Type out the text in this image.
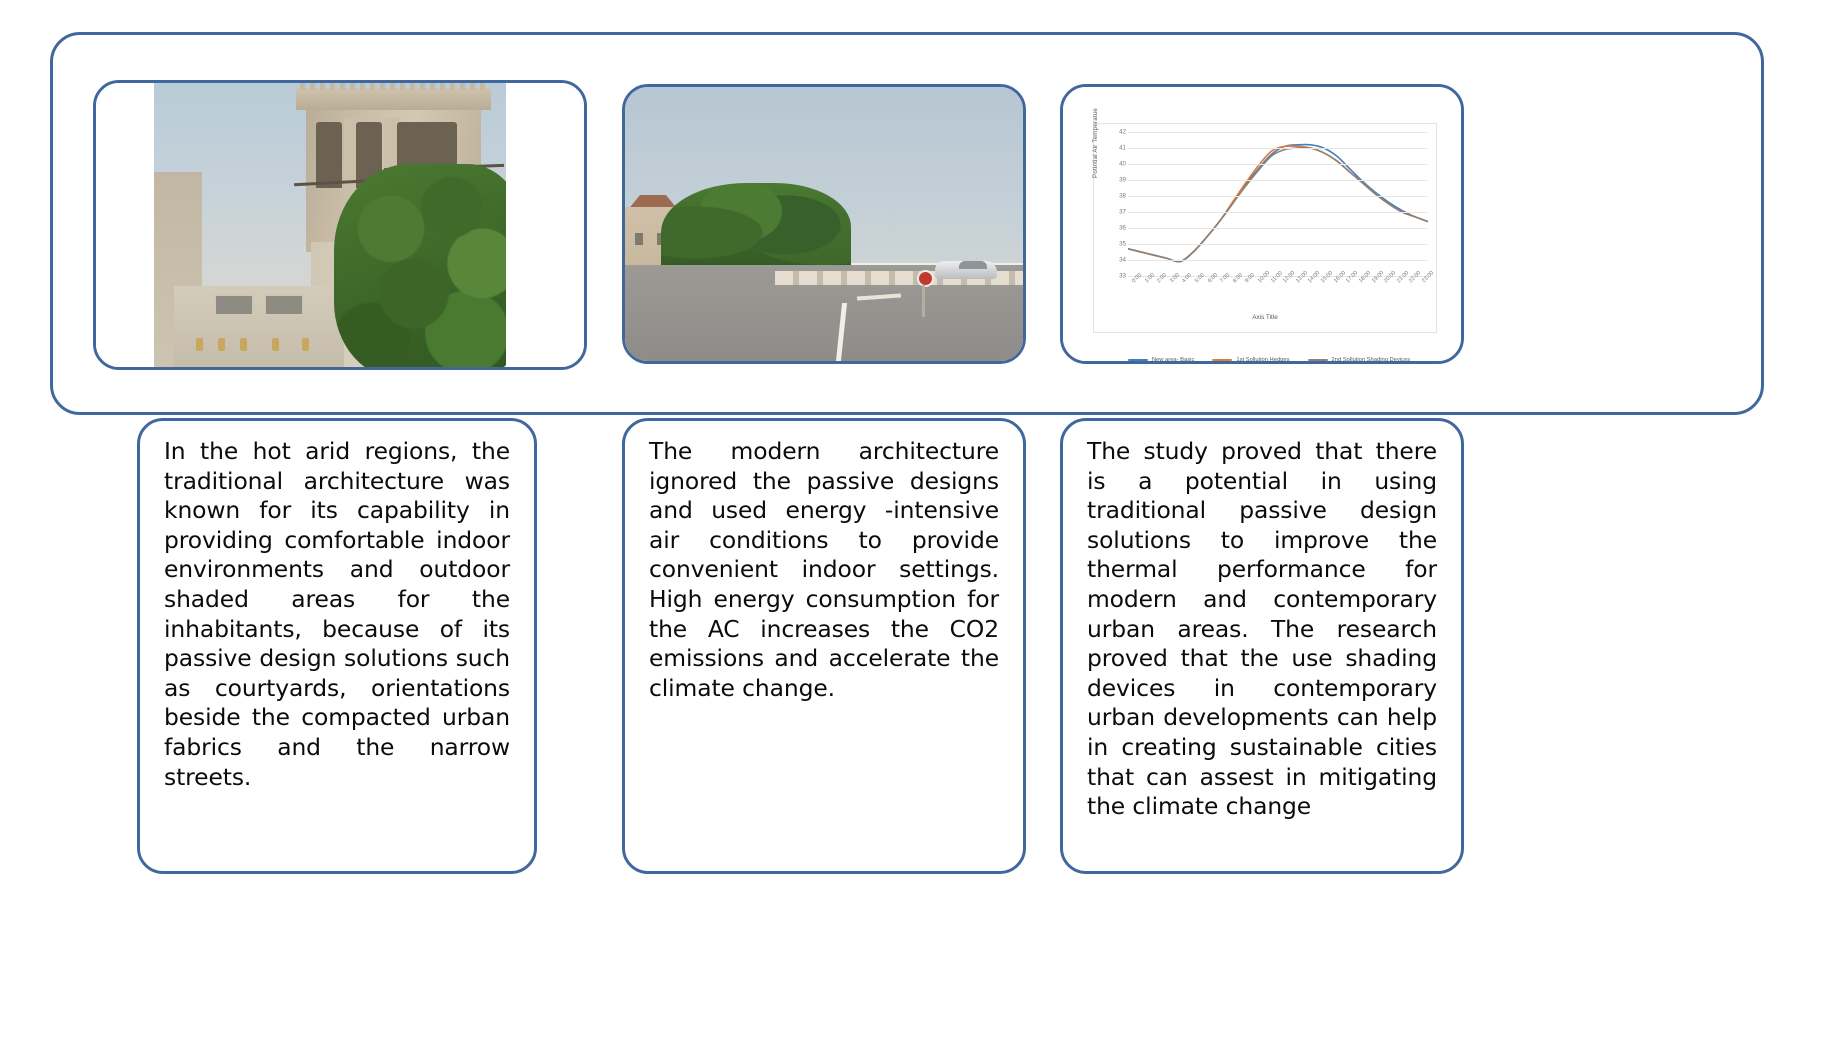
Potintial Air Temperatue	42
41
40
39
38
37
36
35
34
33 0:00 1:00 2:00 3:00 4:00 5:00 6:00 7:00 8:00 9:00 10:00
11:00
12:00
13:00
14:00
15:00
16:00
17:00
18:00
19:00
20:00
21:00
22:00
23:00
Axis Title
New area- Basic	1st Sollution Hedges	2nd Sollution Shading Devices
In the hot arid regions, the traditional architecture was known for its capability in providing comfortable indoor environments and outdoor shaded areas for the inhabitants, because of its passive design solutions such as courtyards, orientations beside the compacted urban fabrics and the narrow streets.
The modern architecture ignored the passive designs and used energy -intensive air conditions to provide convenient indoor settings. High energy consumption for the AC increases the CO2 emissions and accelerate the climate change.
The study proved that there is a potential in using traditional passive design solutions to improve the thermal performance for modern and contemporary urban areas. The research proved that the use shading devices in contemporary urban developments can help in creating sustainable cities that can assest in mitigating the climate change
